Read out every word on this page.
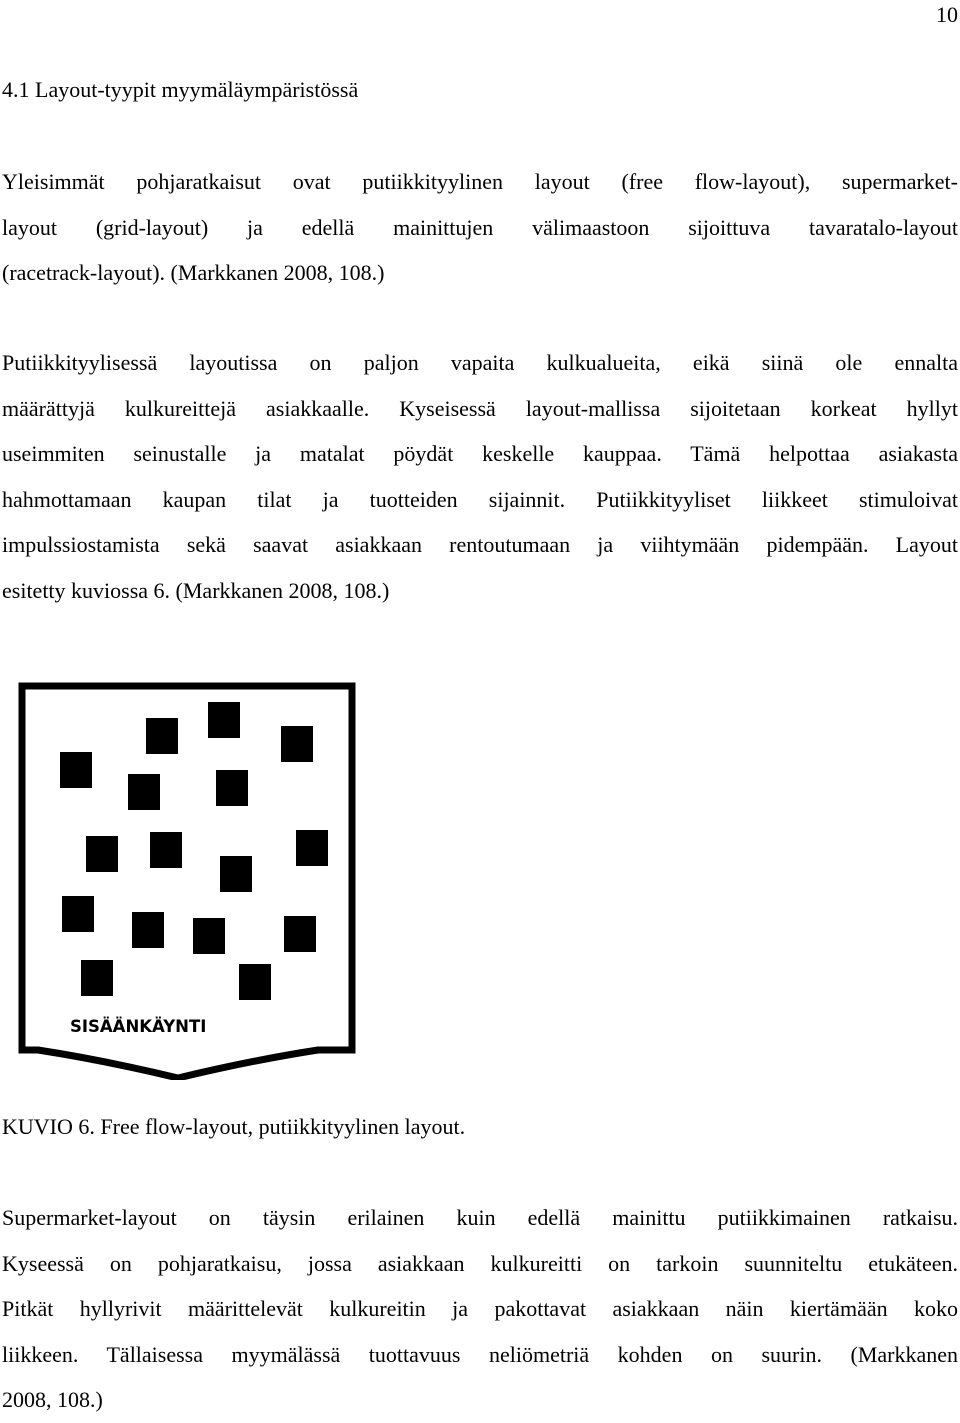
10
4.1 Layout-tyypit myymäläympäristössä
Yleisimmät pohjaratkaisut ovat putiikkityylinen layout (free flow-layout), supermarket-
layout (grid-layout) ja edellä mainittujen välimaastoon sijoittuva tavaratalo-layout
(racetrack-layout). (Markkanen 2008, 108.)
Putiikkityylisessä layoutissa on paljon vapaita kulkualueita, eikä siinä ole ennalta
määrättyjä kulkureittejä asiakkaalle. Kyseisessä layout-mallissa sijoitetaan korkeat hyllyt
useimmiten seinustalle ja matalat pöydät keskelle kauppaa. Tämä helpottaa asiakasta
hahmottamaan kaupan tilat ja tuotteiden sijainnit. Putiikkityyliset liikkeet stimuloivat
impulssiostamista sekä saavat asiakkaan rentoutumaan ja viihtymään pidempään. Layout
esitetty kuviossa 6. (Markkanen 2008, 108.)
SISÄÄNKÄYNTI
KUVIO 6. Free flow-layout, putiikkityylinen layout.
Supermarket-layout on täysin erilainen kuin edellä mainittu putiikkimainen ratkaisu.
Kyseessä on pohjaratkaisu, jossa asiakkaan kulkureitti on tarkoin suunniteltu etukäteen.
Pitkät hyllyrivit määrittelevät kulkureitin ja pakottavat asiakkaan näin kiertämään koko
liikkeen. Tällaisessa myymälässä tuottavuus neliömetriä kohden on suurin. (Markkanen
2008, 108.)
